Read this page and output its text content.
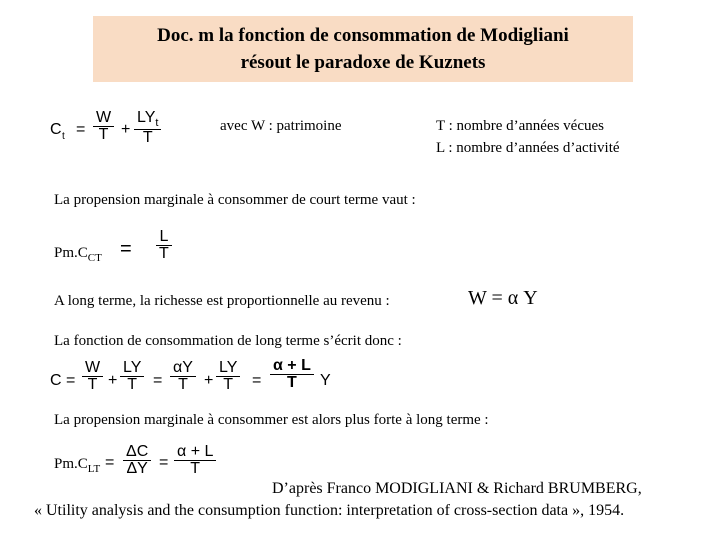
Doc. m la fonction de consommation de Modigliani
résout le paradoxe de Kuznets
C t =
W
T +
$LY_t$
T
avec W : patrimoine	T : nombre d’années vécues
L : nombre d’années d’activité
La propension marginale à consommer de court terme vaut :
$Pm.C_{CT}$ =
L
T
A long terme, la richesse est proportionnelle au revenu :	W = α Y
La fonction de consommation de long terme s’écrit donc :
C =
W
T +
LY
T =
αY
T +
LY
T =
α + L
T Y
La propension marginale à consommer est alors plus forte à long terme :
$Pm.C_{LT}$ =
ΔC
ΔY =
α + L
T
D’après Franco MODIGLIANI & Richard BRUMBERG,
« Utility analysis and the consumption function: interpretation of cross-section data », 1954.
